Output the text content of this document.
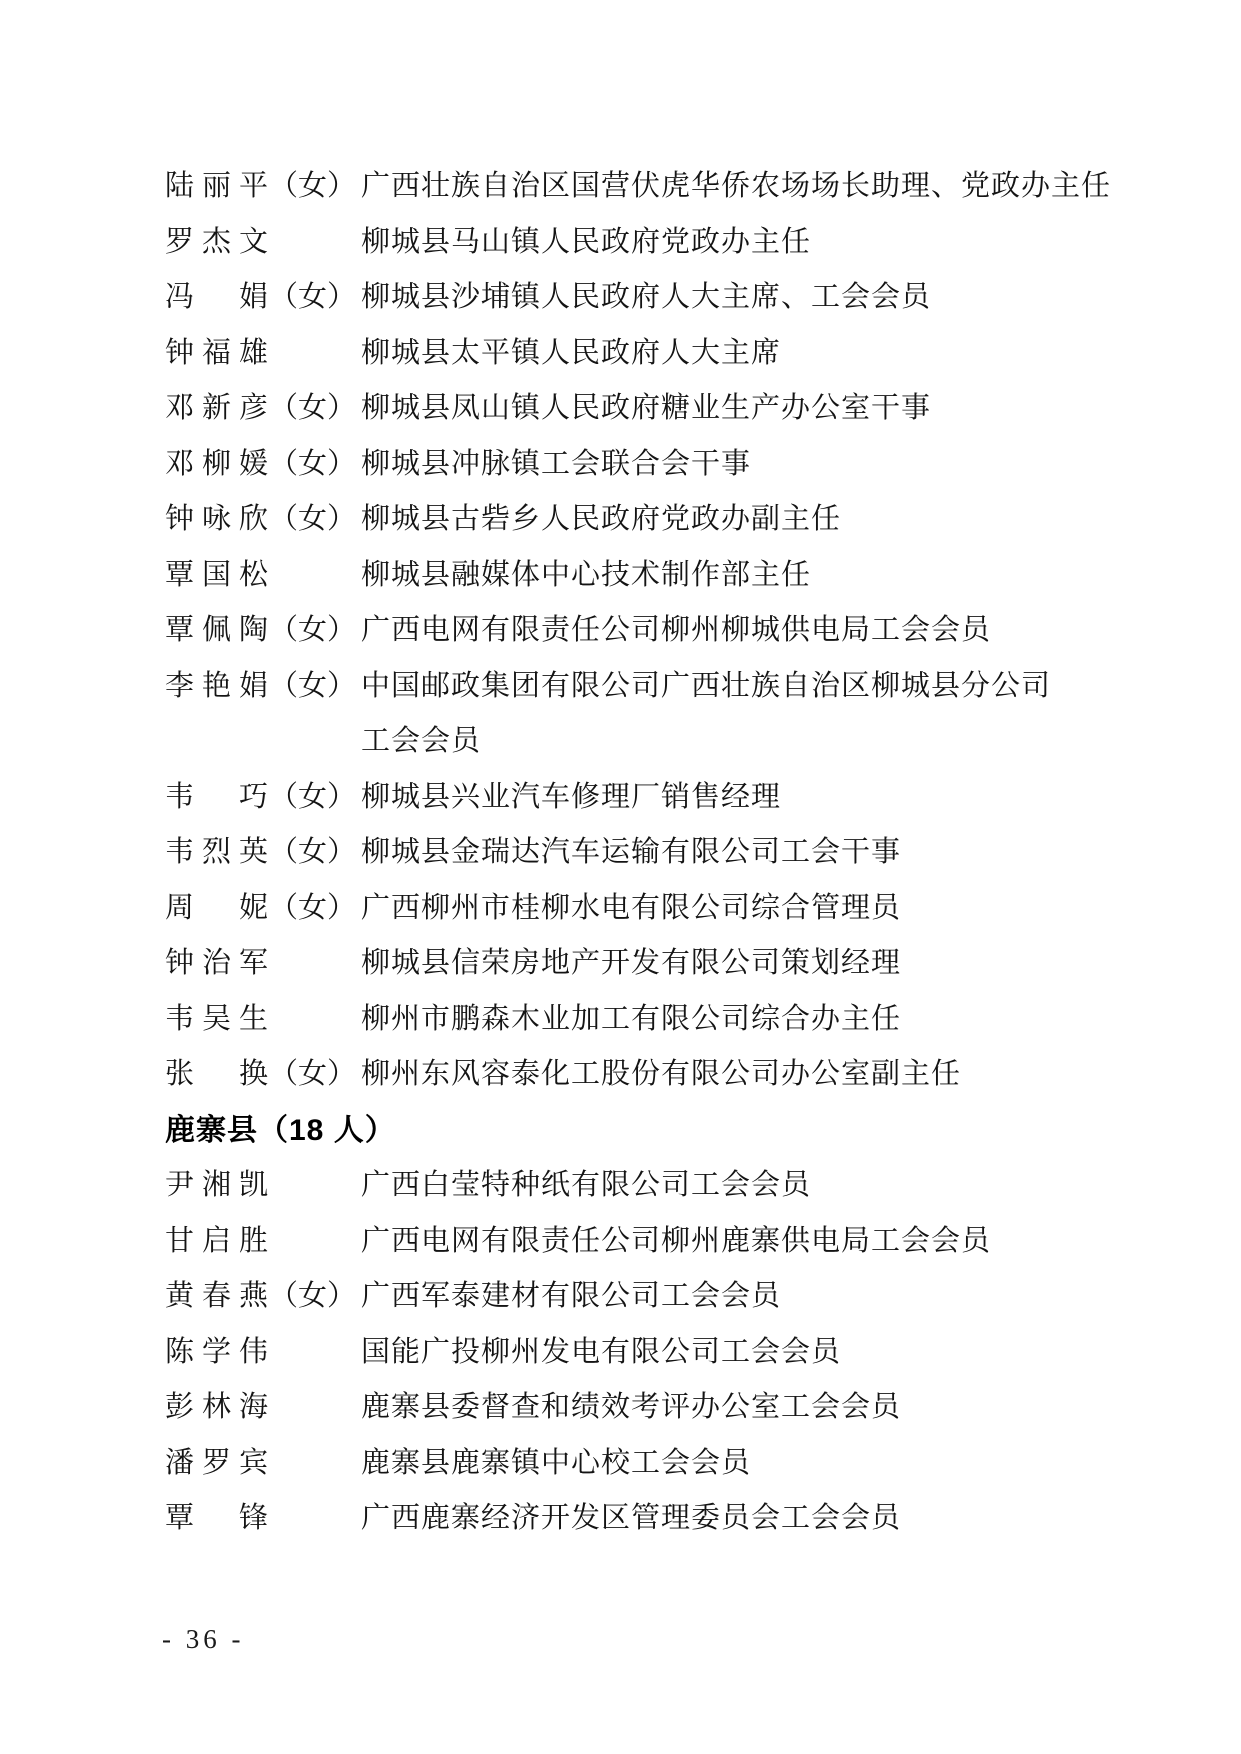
陆丽平 （女） 广西壮族自治区国营伏虎华侨农场场长助理、党政办主任
罗杰文	柳城县马山镇人民政府党政办主任
冯　娟 （女） 柳城县沙埔镇人民政府人大主席、工会会员
钟福雄	柳城县太平镇人民政府人大主席
邓新彦 （女） 柳城县凤山镇人民政府糖业生产办公室干事
邓柳媛 （女） 柳城县冲脉镇工会联合会干事
钟咏欣 （女） 柳城县古砦乡人民政府党政办副主任
覃国松	柳城县融媒体中心技术制作部主任
覃佩陶 （女） 广西电网有限责任公司柳州柳城供电局工会会员
李艳娟 （女） 中国邮政集团有限公司广西壮族自治区柳城县分公司
工会会员
韦　巧 （女） 柳城县兴业汽车修理厂销售经理
韦烈英 （女） 柳城县金瑞达汽车运输有限公司工会干事
周　妮 （女） 广西柳州市桂柳水电有限公司综合管理员
钟治军	柳城县信荣房地产开发有限公司策划经理
韦吴生	柳州市鹏森木业加工有限公司综合办主任
张　换 （女） 柳州东风容泰化工股份有限公司办公室副主任
鹿寨县（18 人）
尹湘凯	广西白莹特种纸有限公司工会会员
甘启胜	广西电网有限责任公司柳州鹿寨供电局工会会员
黄春燕 （女） 广西军泰建材有限公司工会会员
陈学伟	国能广投柳州发电有限公司工会会员
彭林海	鹿寨县委督查和绩效考评办公室工会会员
潘罗宾	鹿寨县鹿寨镇中心校工会会员
覃　锋	广西鹿寨经济开发区管理委员会工会会员
- 36 -
